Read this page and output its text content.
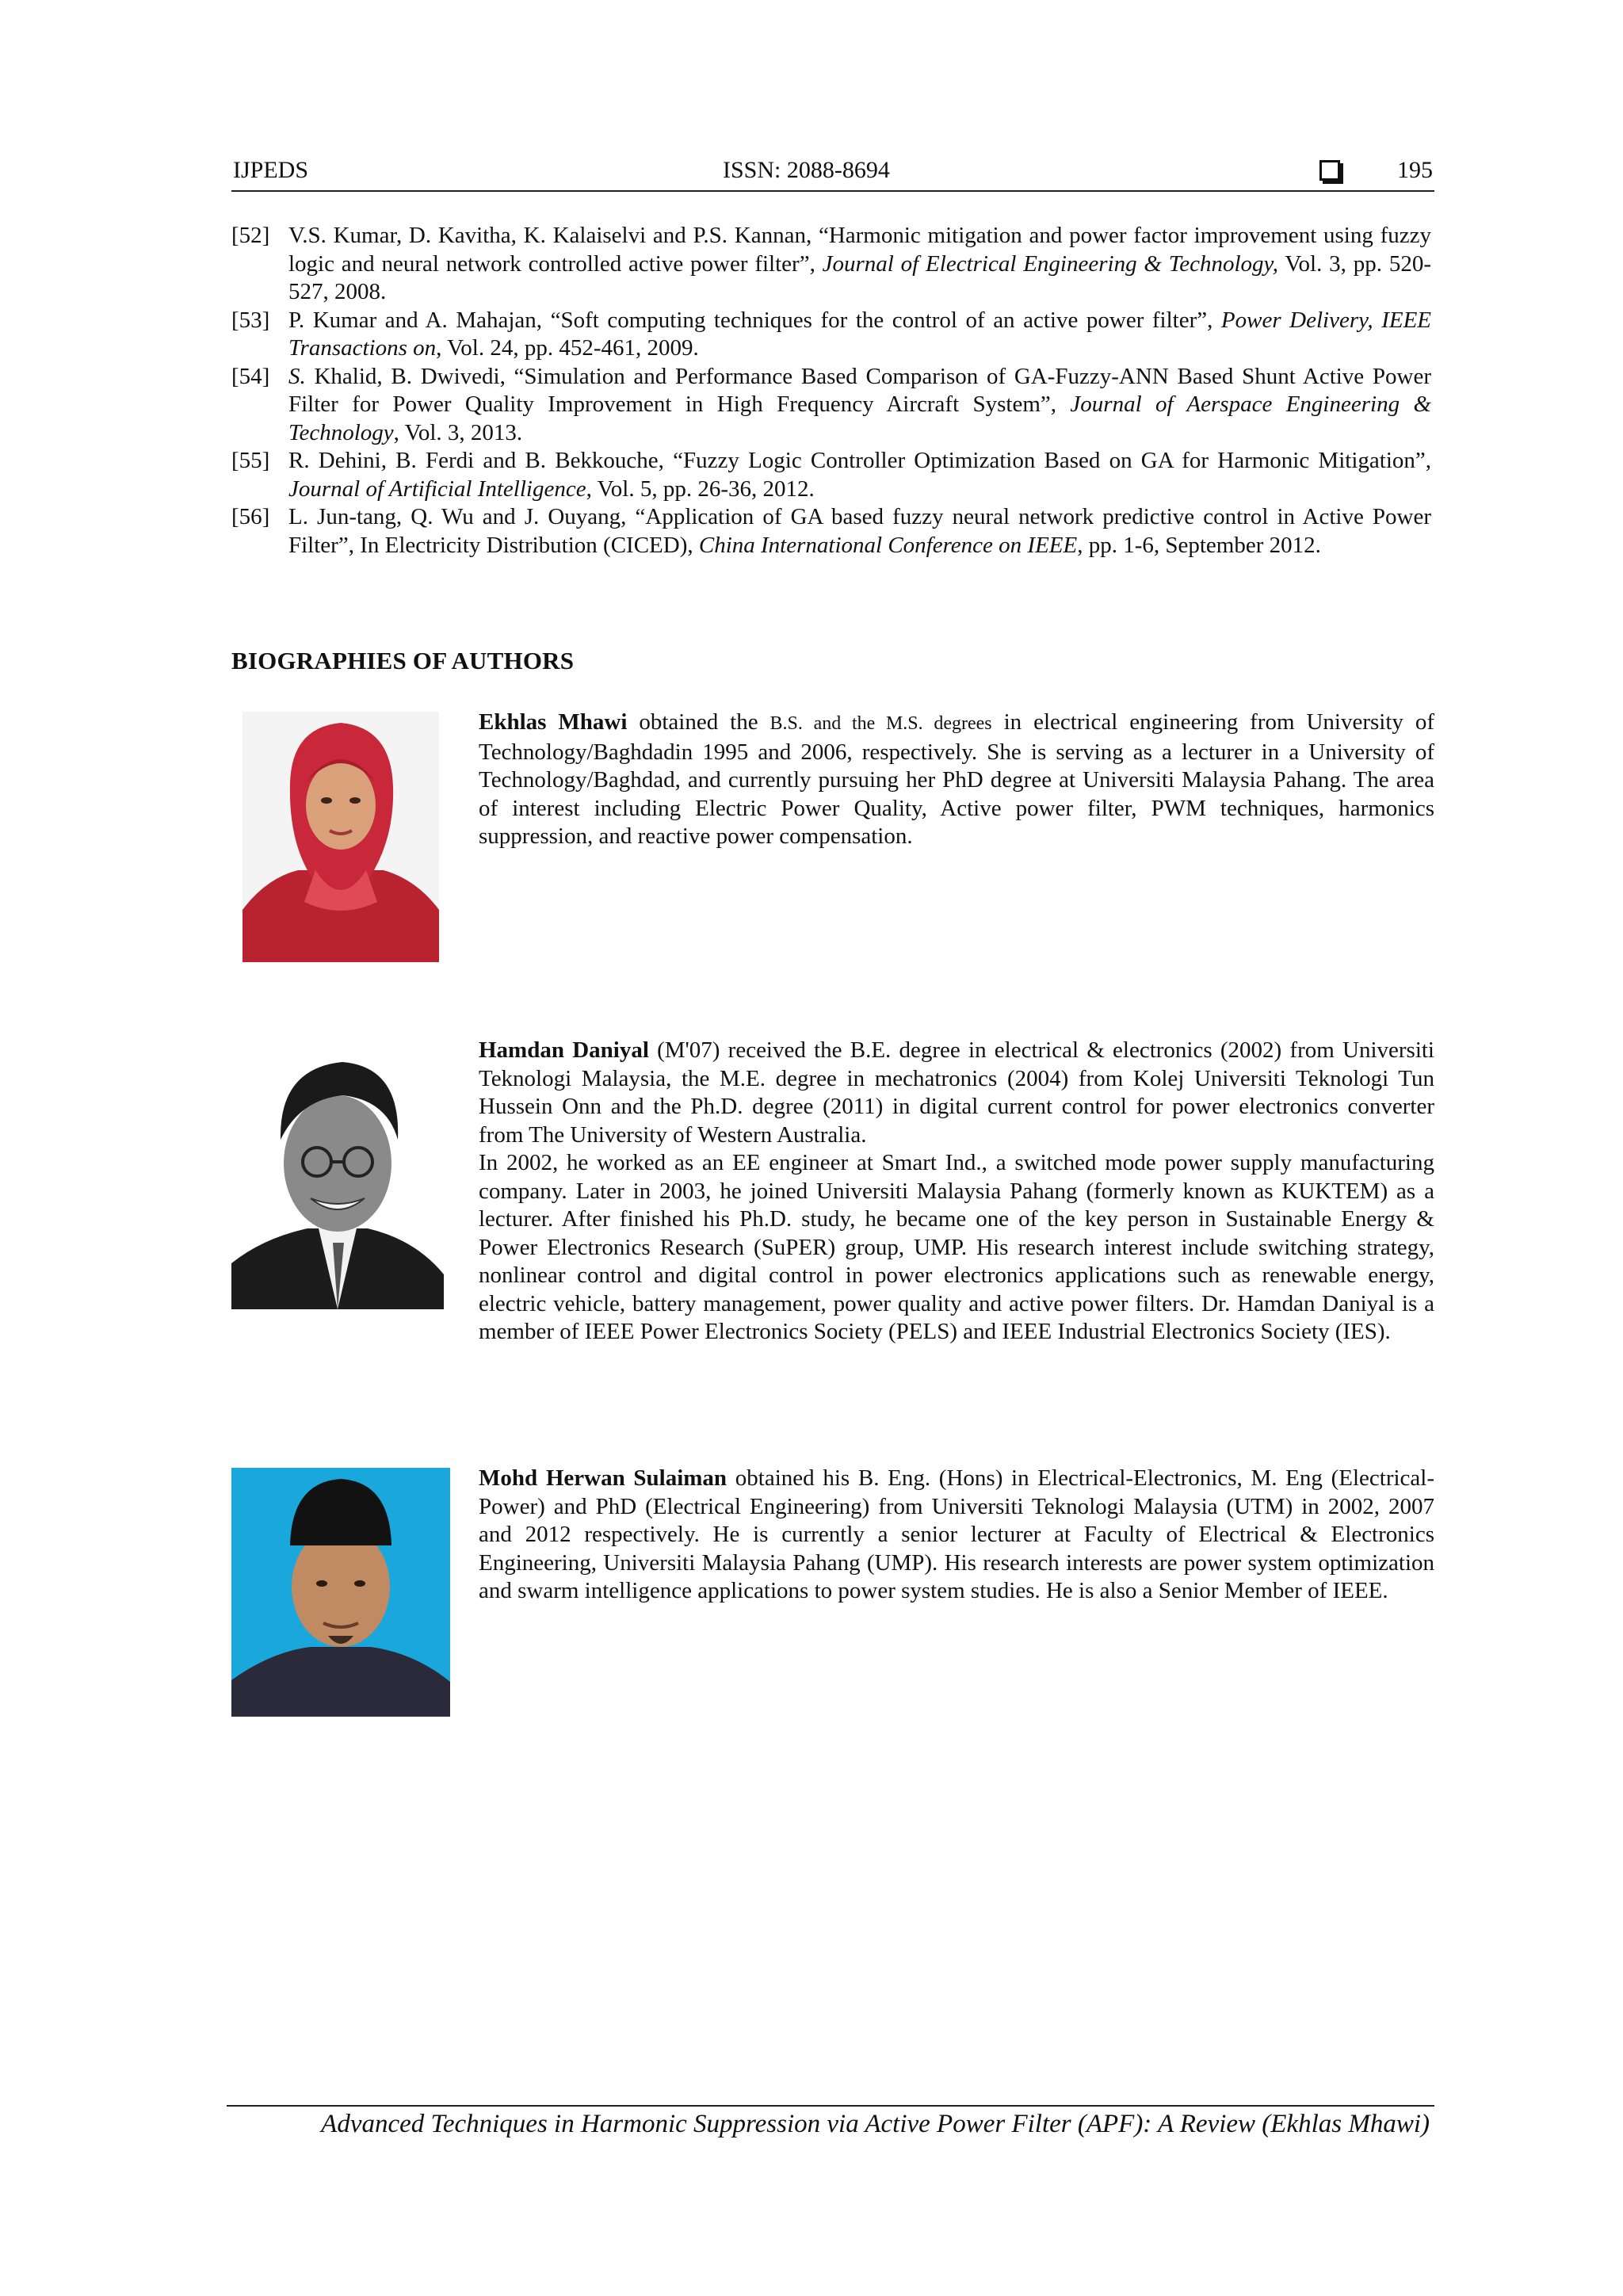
IJPEDS	ISSN: 2088-8694	195

[52] V.S. Kumar, D. Kavitha, K. Kalaiselvi and P.S. Kannan, “Harmonic mitigation and power factor improvement using fuzzy logic and neural network controlled active power filter”, Journal of Electrical Engineering & Technology, Vol. 3, pp. 520-527, 2008.

[53] P. Kumar and A. Mahajan, “Soft computing techniques for the control of an active power filter”, Power Delivery, IEEE Transactions on, Vol. 24, pp. 452-461, 2009.

[54] S. Khalid, B. Dwivedi, “Simulation and Performance Based Comparison of GA-Fuzzy-ANN Based Shunt Active Power Filter for Power Quality Improvement in High Frequency Aircraft System”, Journal of Aerspace Engineering & Technology, Vol. 3, 2013.

[55] R. Dehini, B. Ferdi and B. Bekkouche, “Fuzzy Logic Controller Optimization Based on GA for Harmonic Mitigation”, Journal of Artificial Intelligence, Vol. 5, pp. 26-36, 2012.

[56] L. Jun-tang, Q. Wu and J. Ouyang, “Application of GA based fuzzy neural network predictive control in Active Power Filter”, In Electricity Distribution (CICED), China International Conference on IEEE, pp. 1-6, September 2012.

BIOGRAPHIES OF AUTHORS

Ekhlas Mhawi obtained the B.S. and the M.S. degrees in electrical engineering from University of Technology/Baghdadin 1995 and 2006, respectively. She is serving as a lecturer in a University of Technology/Baghdad, and currently pursuing her PhD degree at Universiti Malaysia Pahang. The area of interest including Electric Power Quality, Active power filter, PWM techniques, harmonics suppression, and reactive power compensation.

Hamdan Daniyal (M'07) received the B.E. degree in electrical & electronics (2002) from Universiti Teknologi Malaysia, the M.E. degree in mechatronics (2004) from Kolej Universiti Teknologi Tun Hussein Onn and the Ph.D. degree (2011) in digital current control for power electronics converter from The University of Western Australia.

In 2002, he worked as an EE engineer at Smart Ind., a switched mode power supply manufacturing company. Later in 2003, he joined Universiti Malaysia Pahang (formerly known as KUKTEM) as a lecturer. After finished his Ph.D. study, he became one of the key person in Sustainable Energy & Power Electronics Research (SuPER) group, UMP. His research interest include switching strategy, nonlinear control and digital control in power electronics applications such as renewable energy, electric vehicle, battery management, power quality and active power filters. Dr. Hamdan Daniyal is a member of IEEE Power Electronics Society (PELS) and IEEE Industrial Electronics Society (IES).

Mohd Herwan Sulaiman obtained his B. Eng. (Hons) in Electrical-Electronics, M. Eng (Electrical-Power) and PhD (Electrical Engineering) from Universiti Teknologi Malaysia (UTM) in 2002, 2007 and 2012 respectively. He is currently a senior lecturer at Faculty of Electrical & Electronics Engineering, Universiti Malaysia Pahang (UMP). His research interests are power system optimization and swarm intelligence applications to power system studies. He is also a Senior Member of IEEE.

Advanced Techniques in Harmonic Suppression via Active Power Filter (APF): A Review (Ekhlas Mhawi)
